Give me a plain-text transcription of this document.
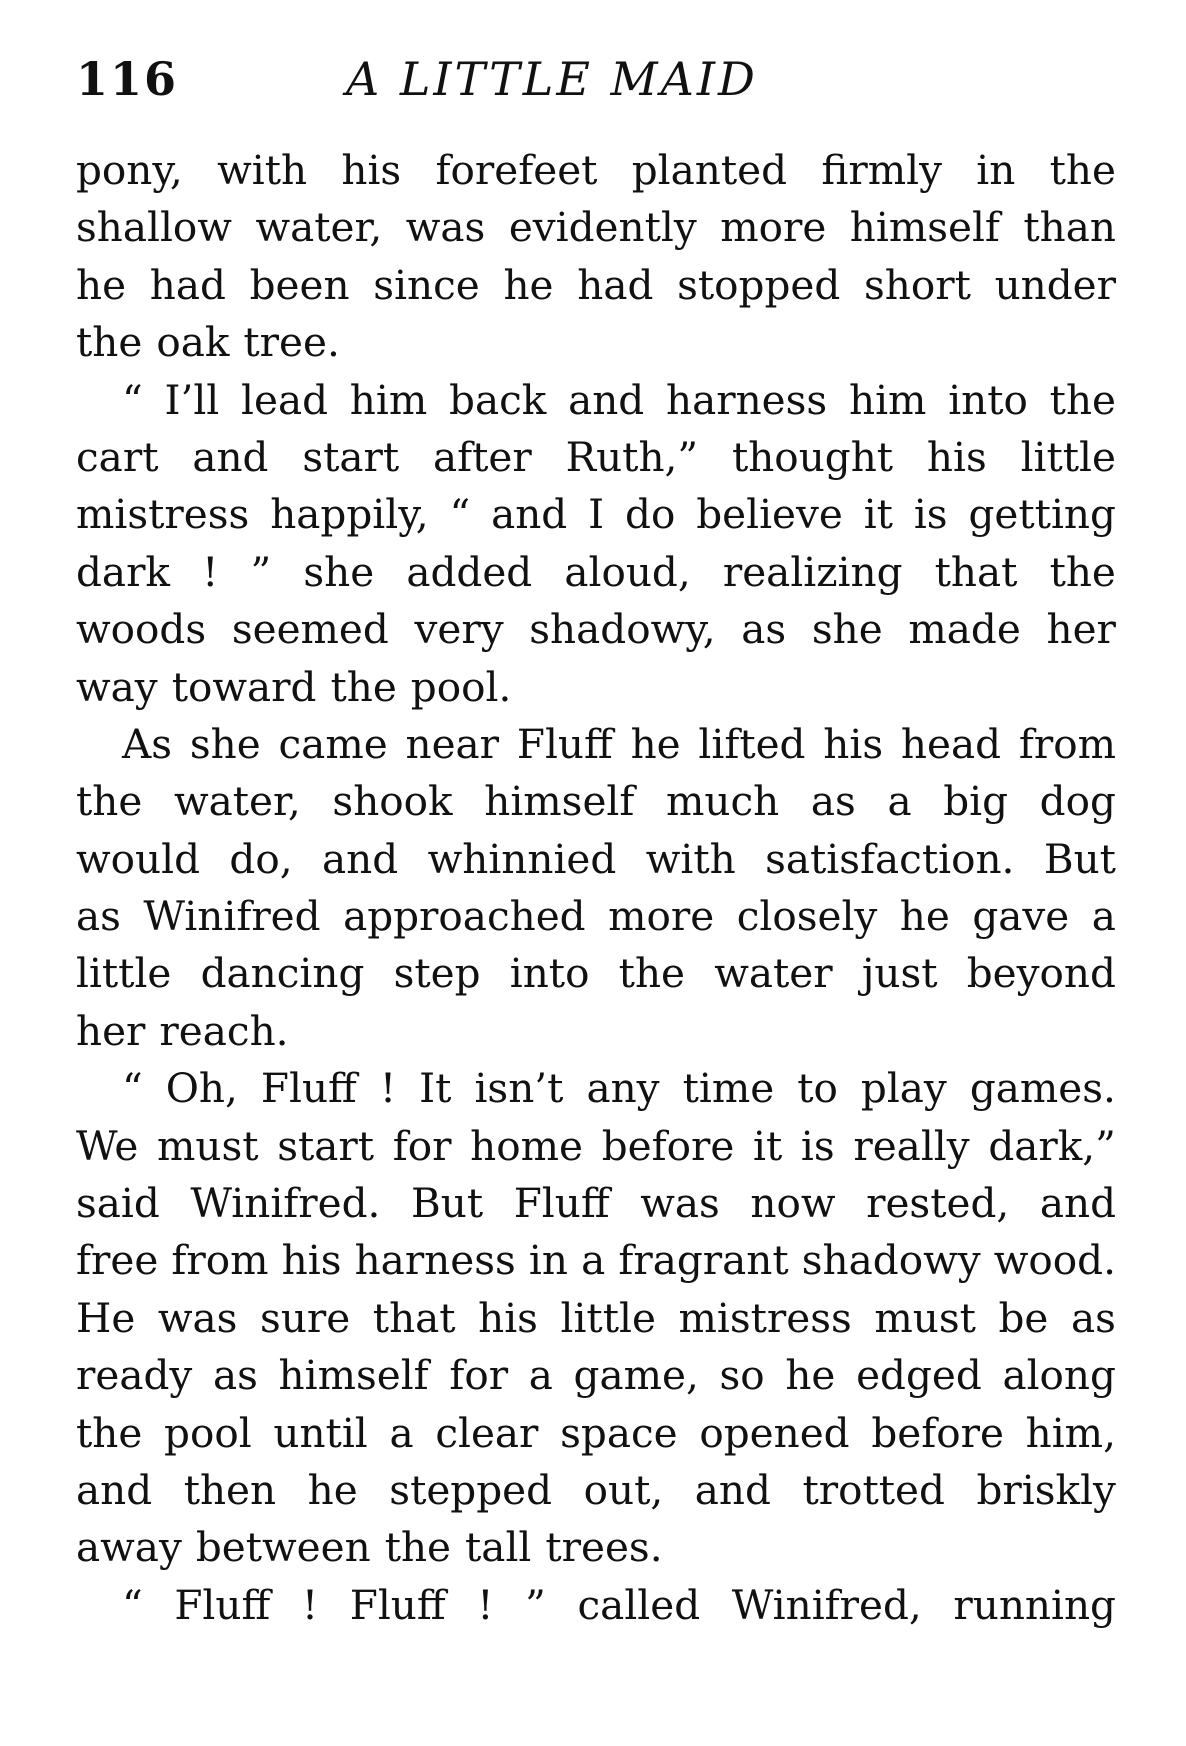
116	A LITTLE MAID
pony, with his forefeet planted firmly in the
shallow water, was evidently more himself than
he had been since he had stopped short under
the oak tree.
“ I’ll lead him back and harness him into the
cart and start after Ruth,” thought his little
mistress happily, “ and I do believe it is getting
dark ! ” she added aloud, realizing that the
woods seemed very shadowy, as she made her
way toward the pool.
As she came near Fluff he lifted his head from
the water, shook himself much as a big dog
would do, and whinnied with satisfaction. But
as Winifred approached more closely he gave a
little dancing step into the water just beyond
her reach.
“ Oh, Fluff ! It isn’t any time to play games.
We must start for home before it is really dark,”
said Winifred. But Fluff was now rested, and
free from his harness in a fragrant shadowy wood.
He was sure that his little mistress must be as
ready as himself for a game, so he edged along
the pool until a clear space opened before him,
and then he stepped out, and trotted briskly
away between the tall trees.
“ Fluff ! Fluff ! ” called Winifred, running
